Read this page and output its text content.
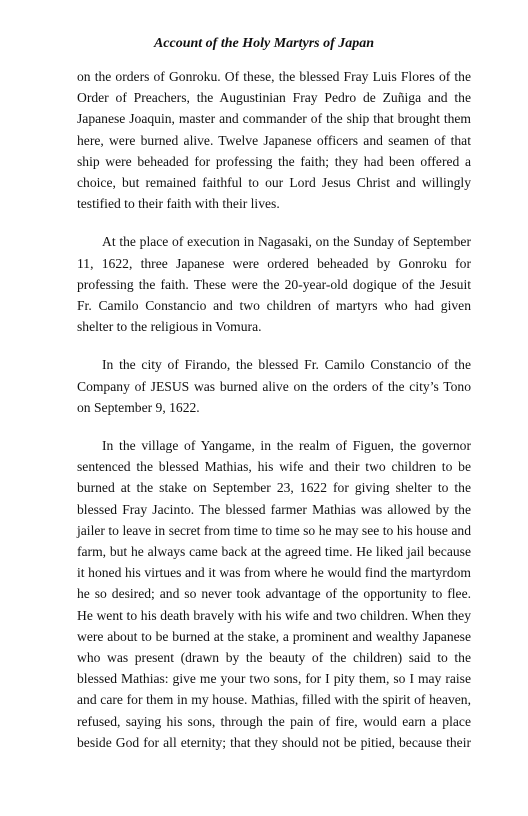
Account of the Holy Martyrs of Japan

on the orders of Gonroku. Of these, the blessed Fray Luis Flores of the Order of Preachers, the Augustinian Fray Pedro de Zuñiga and the Japanese Joaquin, master and commander of the ship that brought them here, were burned alive. Twelve Japanese officers and seamen of that ship were beheaded for professing the faith; they had been offered a choice, but remained faithful to our Lord Jesus Christ and willingly testified to their faith with their lives.

At the place of execution in Nagasaki, on the Sunday of September 11, 1622, three Japanese were ordered beheaded by Gonroku for professing the faith. These were the 20-year-old dogique of the Jesuit Fr. Camilo Constancio and two children of martyrs who had given shelter to the religious in Vomura.

In the city of Firando, the blessed Fr. Camilo Constancio of the Company of JESUS was burned alive on the orders of the city’s Tono on September 9, 1622.

In the village of Yangame, in the realm of Figuen, the governor sentenced the blessed Mathias, his wife and their two children to be burned at the stake on September 23, 1622 for giving shelter to the blessed Fray Jacinto. The blessed farmer Mathias was allowed by the jailer to leave in secret from time to time so he may see to his house and farm, but he always came back at the agreed time. He liked jail because it honed his virtues and it was from where he would find the martyrdom he so desired; and so never took advantage of the opportunity to flee. He went to his death bravely with his wife and two children. When they were about to be burned at the stake, a prominent and wealthy Japanese who was present (drawn by the beauty of the children) said to the blessed Mathias: give me your two sons, for I pity them, so I may raise and care for them in my house. Mathias, filled with the spirit of heaven, refused, saying his sons, through the pain of fire, would earn a place beside God for all eternity; that they should not be pitied, because their
